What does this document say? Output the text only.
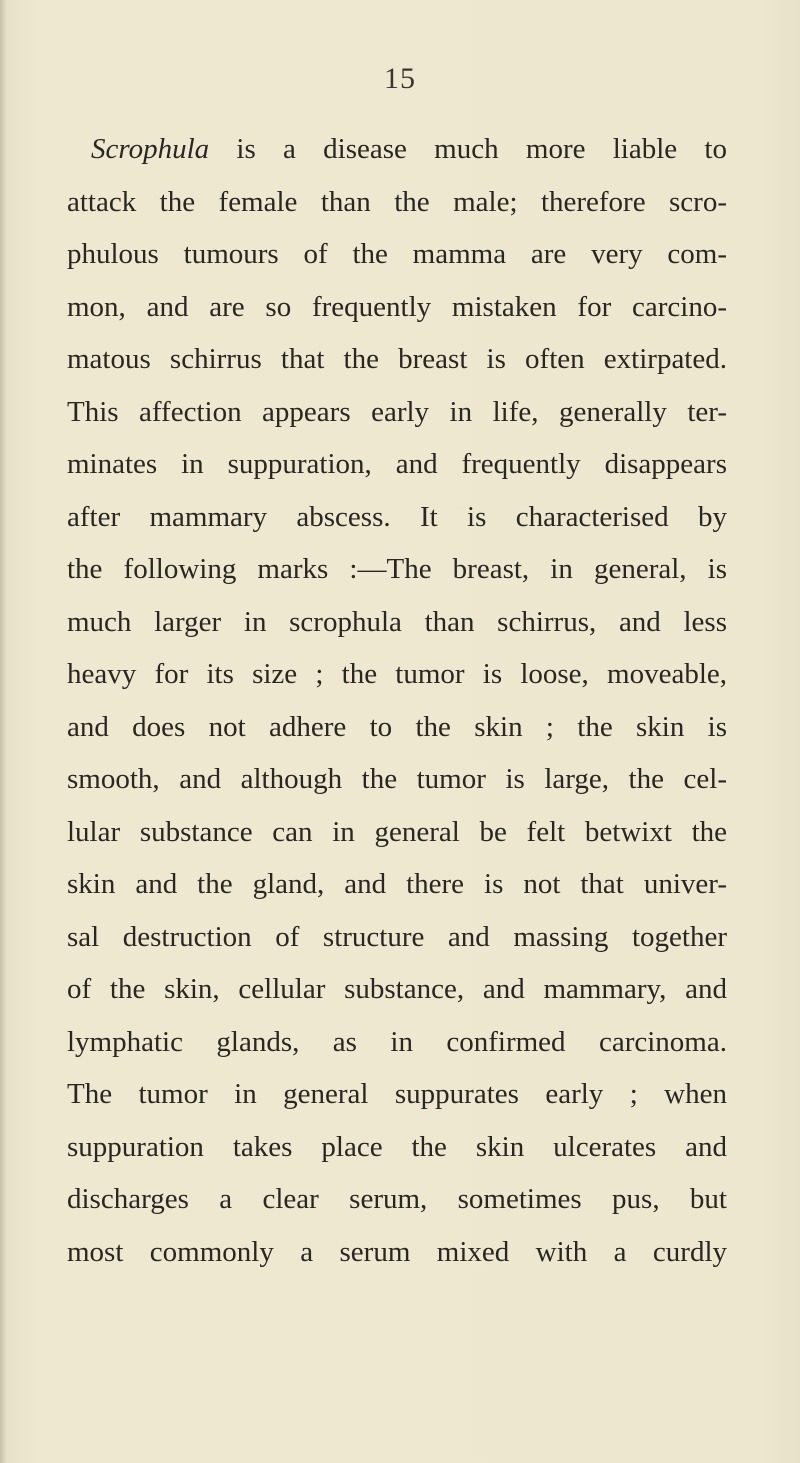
15
Scrophula is a disease much more liable to
attack the female than the male; therefore scro-
phulous tumours of the mamma are very com-
mon, and are so frequently mistaken for carcino-
matous schirrus that the breast is often extirpated.
This affection appears early in life, generally ter-
minates in suppuration, and frequently disappears
after mammary abscess. It is characterised by
the following marks :—The breast, in general, is
much larger in scrophula than schirrus, and less
heavy for its size ; the tumor is loose, moveable,
and does not adhere to the skin ; the skin is
smooth, and although the tumor is large, the cel-
lular substance can in general be felt betwixt the
skin and the gland, and there is not that univer-
sal destruction of structure and massing together
of the skin, cellular substance, and mammary, and
lymphatic glands, as in confirmed carcinoma.
The tumor in general suppurates early ; when
suppuration takes place the skin ulcerates and
discharges a clear serum, sometimes pus, but
most commonly a serum mixed with a curdly
